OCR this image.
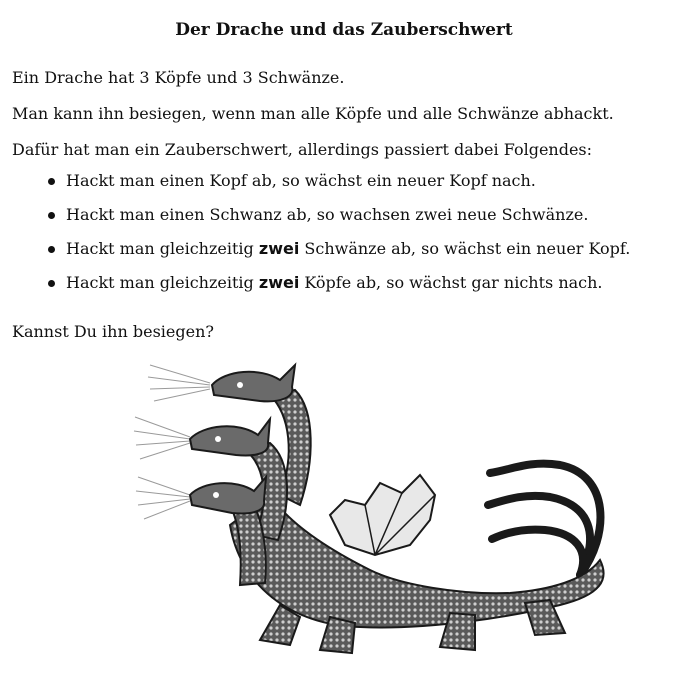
Der Drache und das Zauberschwert
Ein Drache hat 3 Köpfe und 3 Schwänze.
Man kann ihn besiegen, wenn man alle Köpfe und alle Schwänze abhackt.
Dafür hat man ein Zauberschwert, allerdings passiert dabei Folgendes:
Hackt man einen Kopf ab, so wächst ein neuer Kopf nach.
Hackt man einen Schwanz ab, so wachsen zwei neue Schwänze.
Hackt man gleichzeitig zwei Schwänze ab, so wächst ein neuer Kopf.
Hackt man gleichzeitig zwei Köpfe ab, so wächst gar nichts nach.
Kannst Du ihn besiegen?
